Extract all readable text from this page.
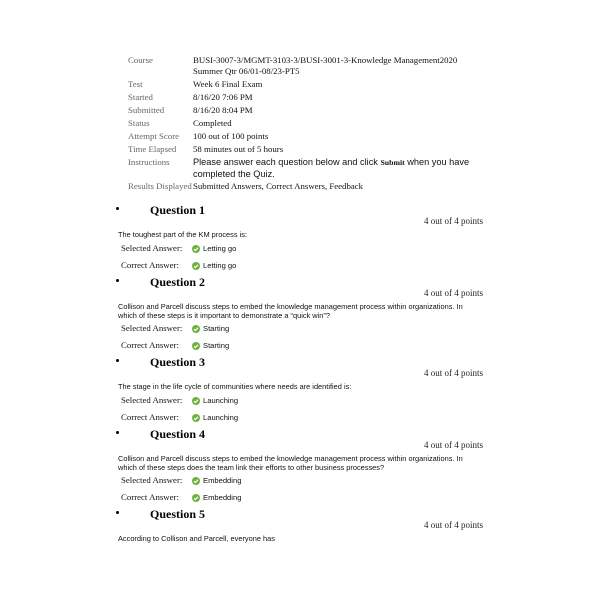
Course	BUSI-3007-3/MGMT-3103-3/BUSI-3001-3-Knowledge Management2020 Summer Qtr 06/01-08/23-PT5
Test	Week 6 Final Exam
Started	8/16/20 7:06 PM
Submitted	8/16/20 8:04 PM
Status	Completed
Attempt Score	100 out of 100 points
Time Elapsed	58 minutes out of 5 hours
Instructions	Please answer each question below and click Submit when you have completed the Quiz.
Results Displayed Submitted Answers, Correct Answers, Feedback
Question 1
4 out of 4 points
The toughest part of the KM process is:
Selected Answer:	Letting go
Correct Answer:	Letting go
Question 2
4 out of 4 points
Collison and Parcell discuss steps to embed the knowledge management process within organizations. In which of these steps is it important to demonstrate a “quick win”?
Selected Answer:	Starting
Correct Answer:	Starting
Question 3
4 out of 4 points
The stage in the life cycle of communities where needs are identified is:
Selected Answer:	Launching
Correct Answer:	Launching
Question 4
4 out of 4 points
Collison and Parcell discuss steps to embed the knowledge management process within organizations. In which of these steps does the team link their efforts to other business processes?
Selected Answer:	Embedding
Correct Answer:	Embedding
Question 5
4 out of 4 points
According to Collison and Parcell, everyone has
